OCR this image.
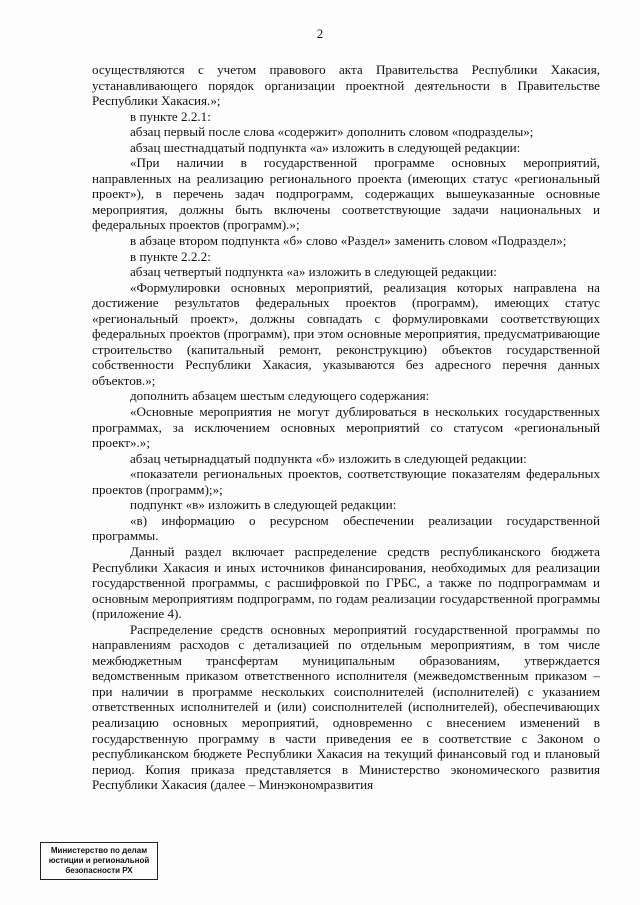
2

осуществляются с учетом правового акта Правительства Республики Хакасия, устанавливающего порядок организации проектной деятельности в Правительстве Республики Хакасия.»;

в пункте 2.2.1:

абзац первый после слова «содержит» дополнить словом «подразделы»;

абзац шестнадцатый подпункта «а» изложить в следующей редакции:

«При наличии в государственной программе основных мероприятий, направленных на реализацию регионального проекта (имеющих статус «региональный проект»), в перечень задач подпрограмм, содержащих вышеуказанные основные мероприятия, должны быть включены соответствующие задачи национальных и федеральных проектов (программ).»;

в абзаце втором подпункта «б» слово «Раздел» заменить словом «Подраздел»;

в пункте 2.2.2:

абзац четвертый подпункта «а» изложить в следующей редакции:

«Формулировки основных мероприятий, реализация которых направлена на достижение результатов федеральных проектов (программ), имеющих статус «региональный проект», должны совпадать с формулировками соответствующих федеральных проектов (программ), при этом основные мероприятия, предусматривающие строительство (капитальный ремонт, реконструкцию) объектов государственной собственности Республики Хакасия, указываются без адресного перечня данных объектов.»;

дополнить абзацем шестым следующего содержания:

«Основные мероприятия не могут дублироваться в нескольких государственных программах, за исключением основных мероприятий со статусом «региональный проект».»;

абзац четырнадцатый подпункта «б» изложить в следующей редакции:

«показатели региональных проектов, соответствующие показателям федеральных проектов (программ);»;

подпункт «в» изложить в следующей редакции:

«в) информацию о ресурсном обеспечении реализации государственной программы.

Данный раздел включает распределение средств республиканского бюджета Республики Хакасия и иных источников финансирования, необходимых для реализации государственной программы, с расшифровкой по ГРБС, а также по подпрограммам и основным мероприятиям подпрограмм, по годам реализации государственной программы (приложение 4).

Распределение средств основных мероприятий государственной программы по направлениям расходов с детализацией по отдельным мероприятиям, в том числе межбюджетным трансфертам муниципальным образованиям, утверждается ведомственным приказом ответственного исполнителя (межведомственным приказом – при наличии в программе нескольких соисполнителей (исполнителей) с указанием ответственных исполнителей и (или) соисполнителей (исполнителей), обеспечивающих реализацию основных мероприятий, одновременно с внесением изменений в государственную программу в части приведения ее в соответствие с Законом о республиканском бюджете Республики Хакасия на текущий финансовый год и плановый период. Копия приказа представляется в Министерство экономического развития Республики Хакасия (далее – Минэкономразвития

Министерство по делам
юстиции и региональной
безопасности РХ
